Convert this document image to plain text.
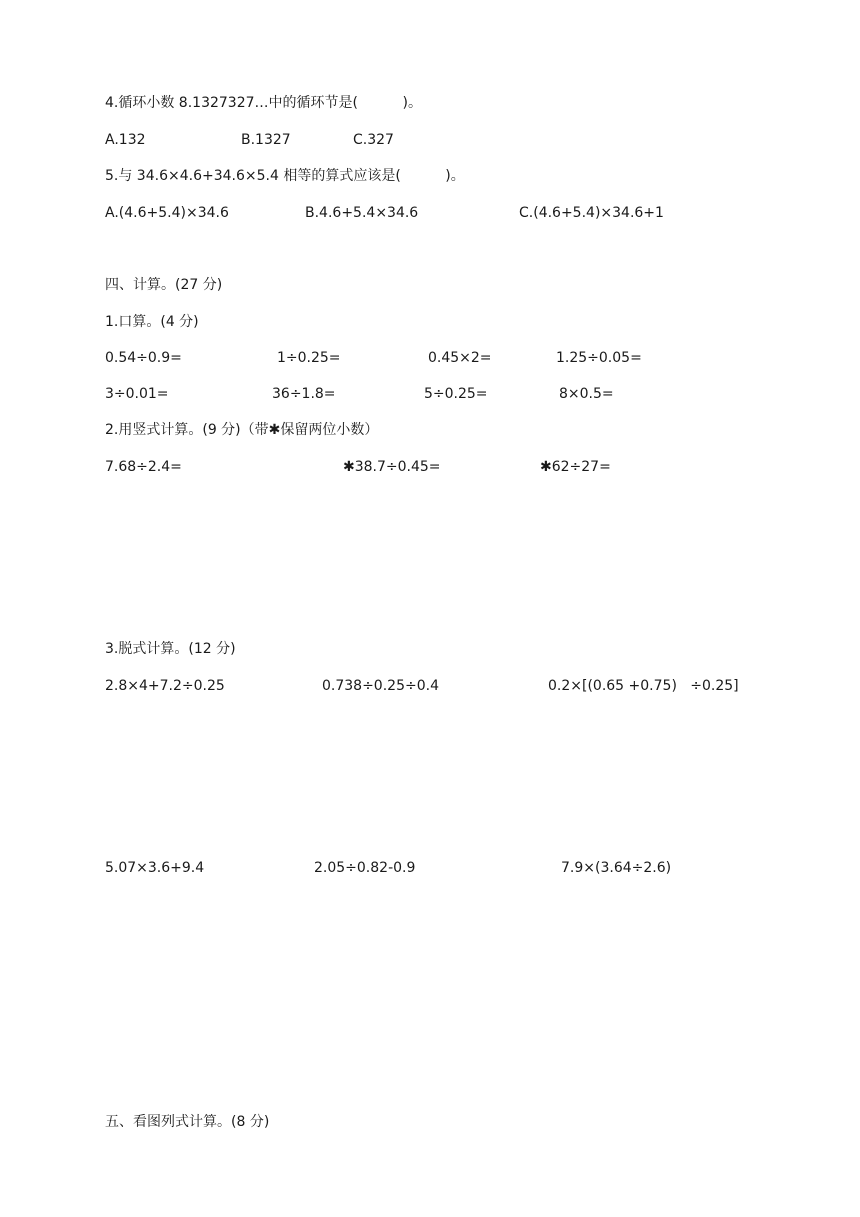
4.循环小数 8.1327327…中的循环节是(          )。
A.132	B.1327	C.327
5.与 34.6×4.6+34.6×5.4 相等的算式应该是(          )。
A.(4.6+5.4)×34.6	B.4.6+5.4×34.6	C.(4.6+5.4)×34.6+1
四、计算。(27 分)
1.口算。(4 分)
0.54÷0.9=	1÷0.25=	0.45×2=	1.25÷0.05=
3÷0.01=	36÷1.8=	5÷0.25=	8×0.5=
2.用竖式计算。(9 分)（带✱保留两位小数）
7.68÷2.4=	✱38.7÷0.45=	✱62÷27=
3.脱式计算。(12 分)
2.8×4+7.2÷0.25	0.738÷0.25÷0.4	0.2×[(0.65 +0.75)   ÷0.25]
5.07×3.6+9.4	2.05÷0.82-0.9	7.9×(3.64÷2.6)
五、看图列式计算。(8 分)
